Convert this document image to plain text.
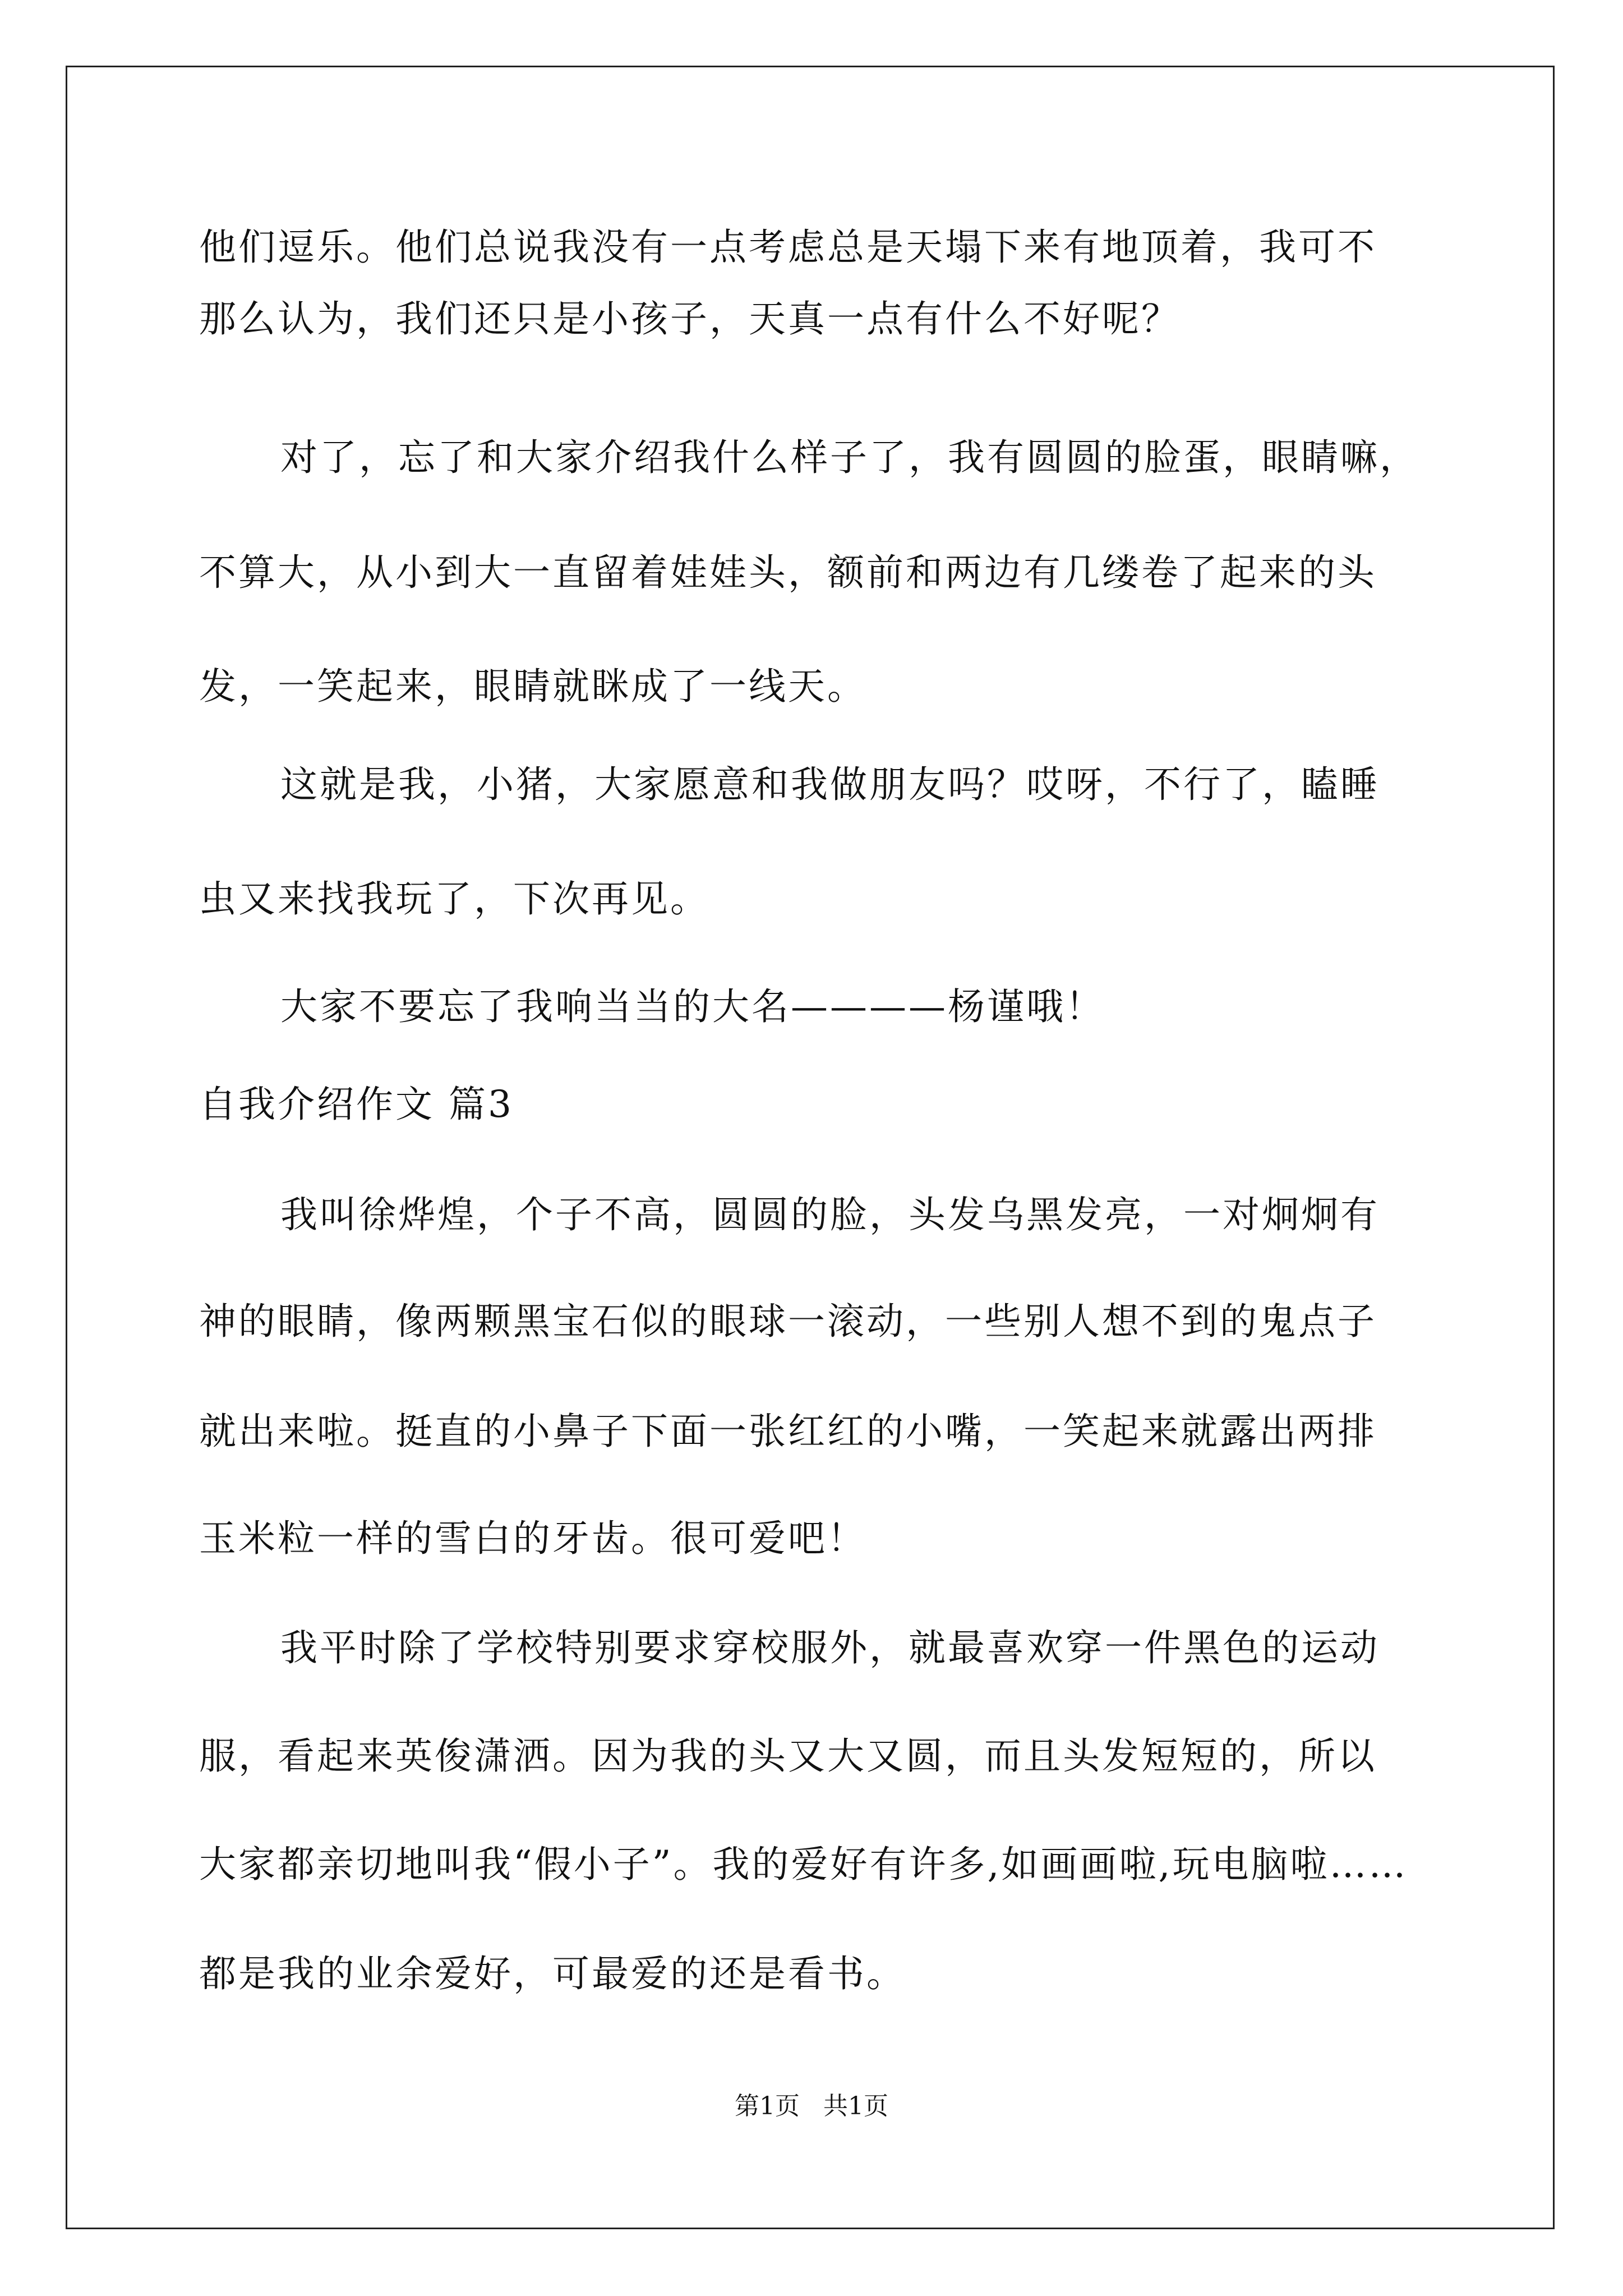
他们逗乐。他们总说我没有一点考虑总是天塌下来有地顶着，我可不
那么认为，我们还只是小孩子，天真一点有什么不好呢？
对了，忘了和大家介绍我什么样子了，我有圆圆的脸蛋，眼睛嘛，
不算大，从小到大一直留着娃娃头，额前和两边有几缕卷了起来的头
发，一笑起来，眼睛就眯成了一线天。
这就是我，小猪，大家愿意和我做朋友吗？哎呀，不行了，瞌睡
虫又来找我玩了，下次再见。
大家不要忘了我响当当的大名————杨谨哦！
自我介绍作文 篇3
我叫徐烨煌，个子不高，圆圆的脸，头发乌黑发亮，一对炯炯有
神的眼睛，像两颗黑宝石似的眼球一滚动，一些别人想不到的鬼点子
就出来啦。挺直的小鼻子下面一张红红的小嘴，一笑起来就露出两排
玉米粒一样的雪白的牙齿。很可爱吧！
我平时除了学校特别要求穿校服外，就最喜欢穿一件黑色的运动
服，看起来英俊潇洒。因为我的头又大又圆，而且头发短短的，所以
大家都亲切地叫我“假小子”。我的爱好有许多,如画画啦,玩电脑啦……
都是我的业余爱好，可最爱的还是看书。
第1页   共1页
